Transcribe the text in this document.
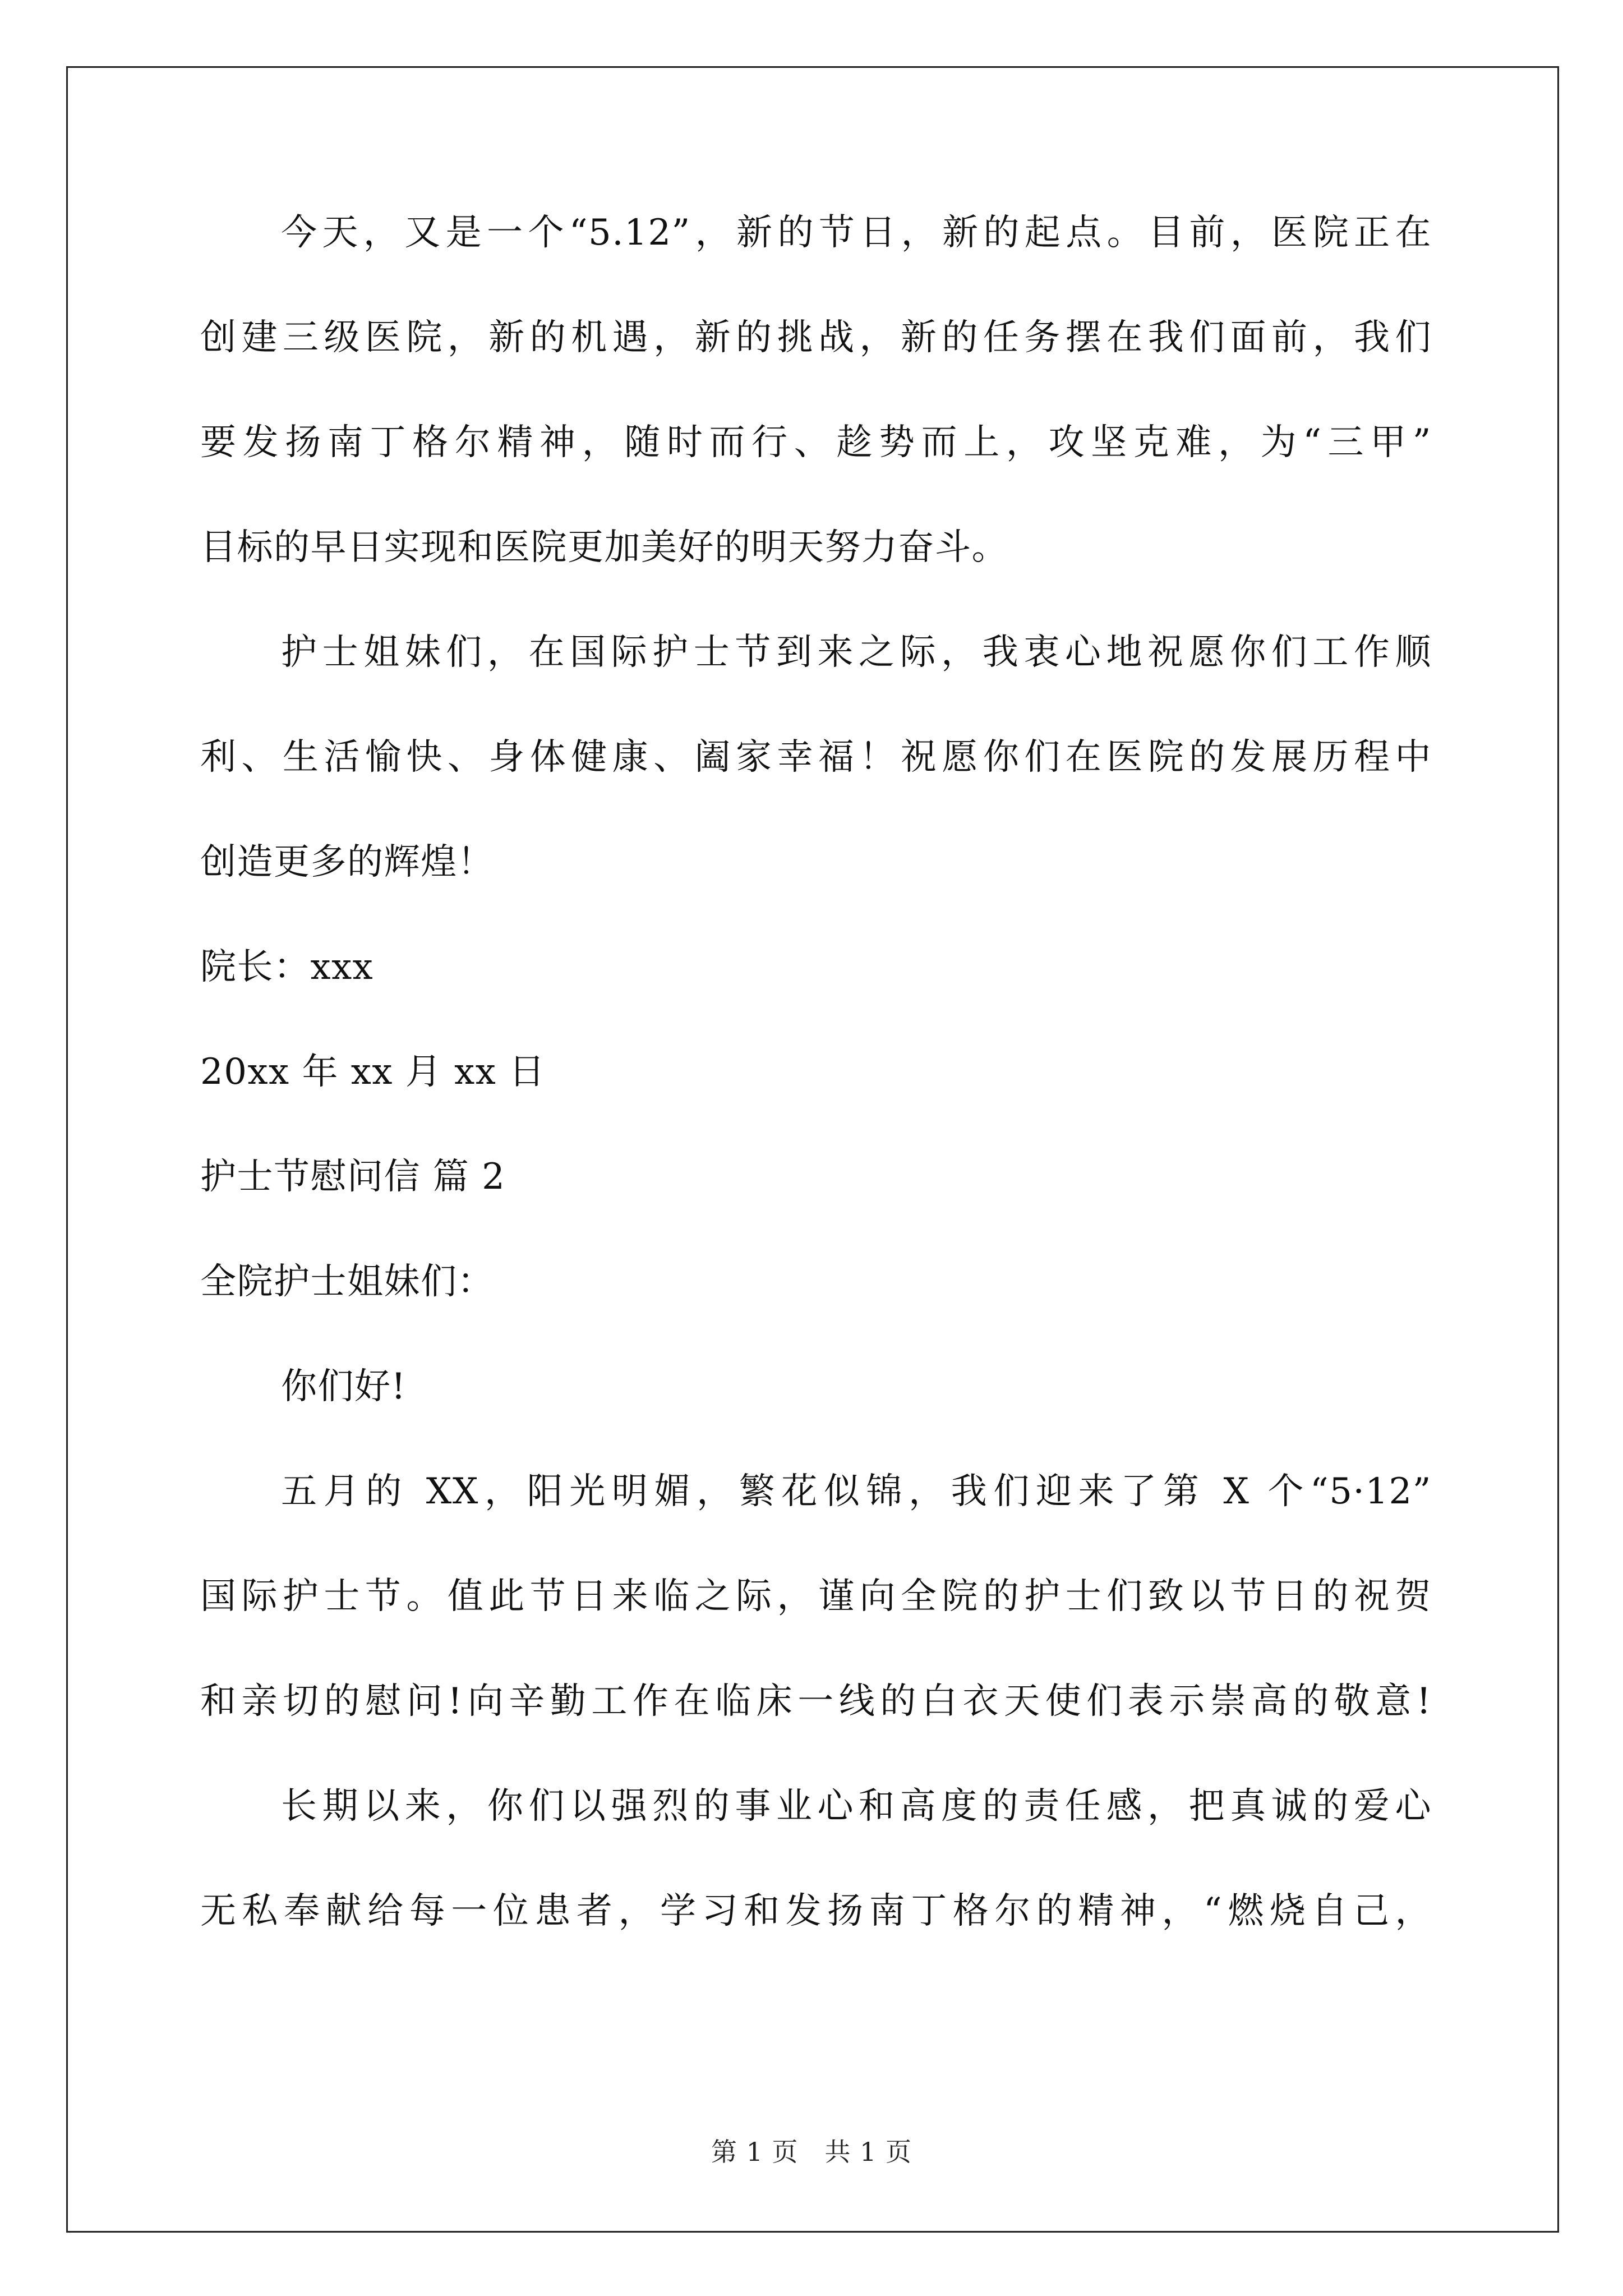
今天，又是一个“5.12”，新的节日，新的起点。目前，医院正在
创建三级医院，新的机遇，新的挑战，新的任务摆在我们面前，我们
要发扬南丁格尔精神，随时而行、趁势而上，攻坚克难，为“三甲”
目标的早日实现和医院更加美好的明天努力奋斗。
护士姐妹们，在国际护士节到来之际，我衷心地祝愿你们工作顺
利、生活愉快、身体健康、阖家幸福！祝愿你们在医院的发展历程中
创造更多的辉煌！
院长：xxx
20xx 年 xx 月 xx 日
护士节慰问信 篇 2
全院护士姐妹们：
你们好!
五月的 XX，阳光明媚，繁花似锦，我们迎来了第 X 个“5·12”
国际护士节。值此节日来临之际，谨向全院的护士们致以节日的祝贺
和亲切的慰问!向辛勤工作在临床一线的白衣天使们表示崇高的敬意!
长期以来，你们以强烈的事业心和高度的责任感，把真诚的爱心
无私奉献给每一位患者，学习和发扬南丁格尔的精神，“燃烧自己，
第 1 页　共 1 页
